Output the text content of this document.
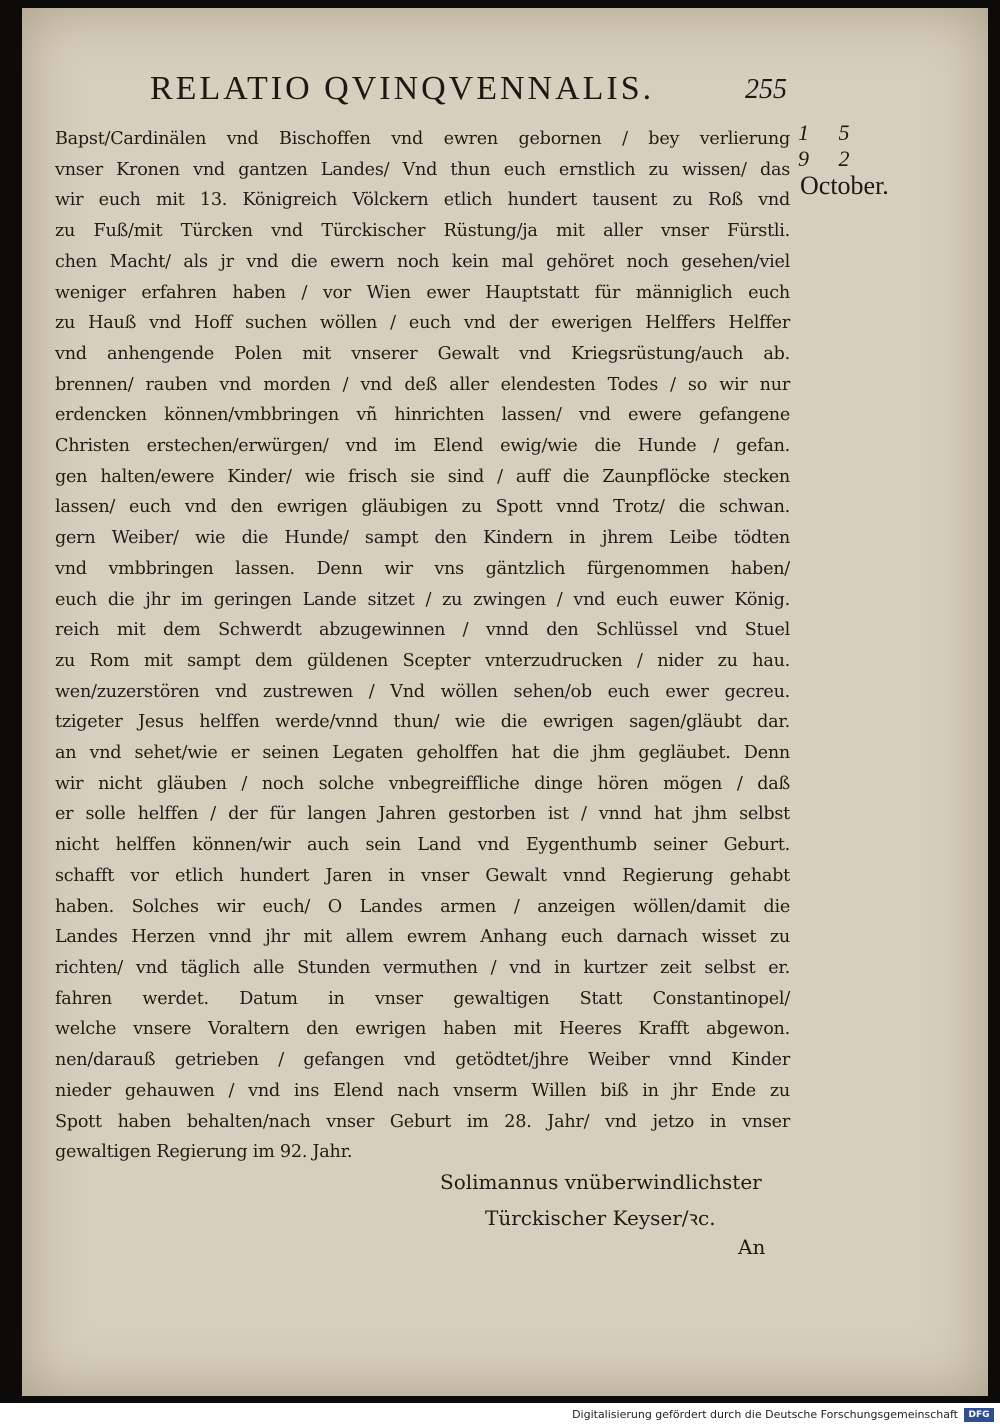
RELATIO QVINQVENNALIS.	255
1 5 9 2
October.
Bapst/Cardinälen vnd Bischoffen vnd ewren gebornen / bey verlierung
vnser Kronen vnd gantzen Landes/ Vnd thun euch ernstlich zu wissen/ das
wir euch mit 13. Königreich Völckern etlich hundert tausent zu Roß vnd
zu Fuß/mit Türcken vnd Türckischer Rüstung/ja mit aller vnser Fürstli.
chen Macht/ als jr vnd die ewern noch kein mal gehöret noch gesehen/viel
weniger erfahren haben / vor Wien ewer Hauptstatt für männiglich euch
zu Hauß vnd Hoff suchen wöllen / euch vnd der ewerigen Helffers Helffer
vnd anhengende Polen mit vnserer Gewalt vnd Kriegsrüstung/auch ab.
brennen/ rauben vnd morden / vnd deß aller elendesten Todes / so wir nur
erdencken können/vmbbringen vñ hinrichten lassen/ vnd ewere gefangene
Christen erstechen/erwürgen/ vnd im Elend ewig/wie die Hunde / gefan.
gen halten/ewere Kinder/ wie frisch sie sind / auff die Zaunpflöcke stecken
lassen/ euch vnd den ewrigen gläubigen zu Spott vnnd Trotz/ die schwan.
gern Weiber/ wie die Hunde/ sampt den Kindern in jhrem Leibe tödten
vnd vmbbringen lassen. Denn wir vns gäntzlich fürgenommen haben/
euch die jhr im geringen Lande sitzet / zu zwingen / vnd euch euwer König.
reich mit dem Schwerdt abzugewinnen / vnnd den Schlüssel vnd Stuel
zu Rom mit sampt dem güldenen Scepter vnterzudrucken / nider zu hau.
wen/zuzerstören vnd zustrewen / Vnd wöllen sehen/ob euch ewer gecreu.
tzigeter Jesus helffen werde/vnnd thun/ wie die ewrigen sagen/gläubt dar.
an vnd sehet/wie er seinen Legaten geholffen hat die jhm gegläubet. Denn
wir nicht gläuben / noch solche vnbegreiffliche dinge hören mögen / daß
er solle helffen / der für langen Jahren gestorben ist / vnnd hat jhm selbst
nicht helffen können/wir auch sein Land vnd Eygenthumb seiner Geburt.
schafft vor etlich hundert Jaren in vnser Gewalt vnnd Regierung gehabt
haben. Solches wir euch/ O Landes armen / anzeigen wöllen/damit die
Landes Herzen vnnd jhr mit allem ewrem Anhang euch darnach wisset zu
richten/ vnd täglich alle Stunden vermuthen / vnd in kurtzer zeit selbst er.
fahren werdet. Datum in vnser gewaltigen Statt Constantinopel/
welche vnsere Voraltern den ewrigen haben mit Heeres Krafft abgewon.
nen/darauß getrieben / gefangen vnd getödtet/jhre Weiber vnnd Kinder
nieder gehauwen / vnd ins Elend nach vnserm Willen biß in jhr Ende zu
Spott haben behalten/nach vnser Geburt im 28. Jahr/ vnd jetzo in vnser
gewaltigen Regierung im 92. Jahr.
Solimannus vnüberwindlichster
Türckischer Keyser/ꝛc.
An
Digitalisierung gefördert durch die Deutsche Forschungsgemeinschaft	DFG
